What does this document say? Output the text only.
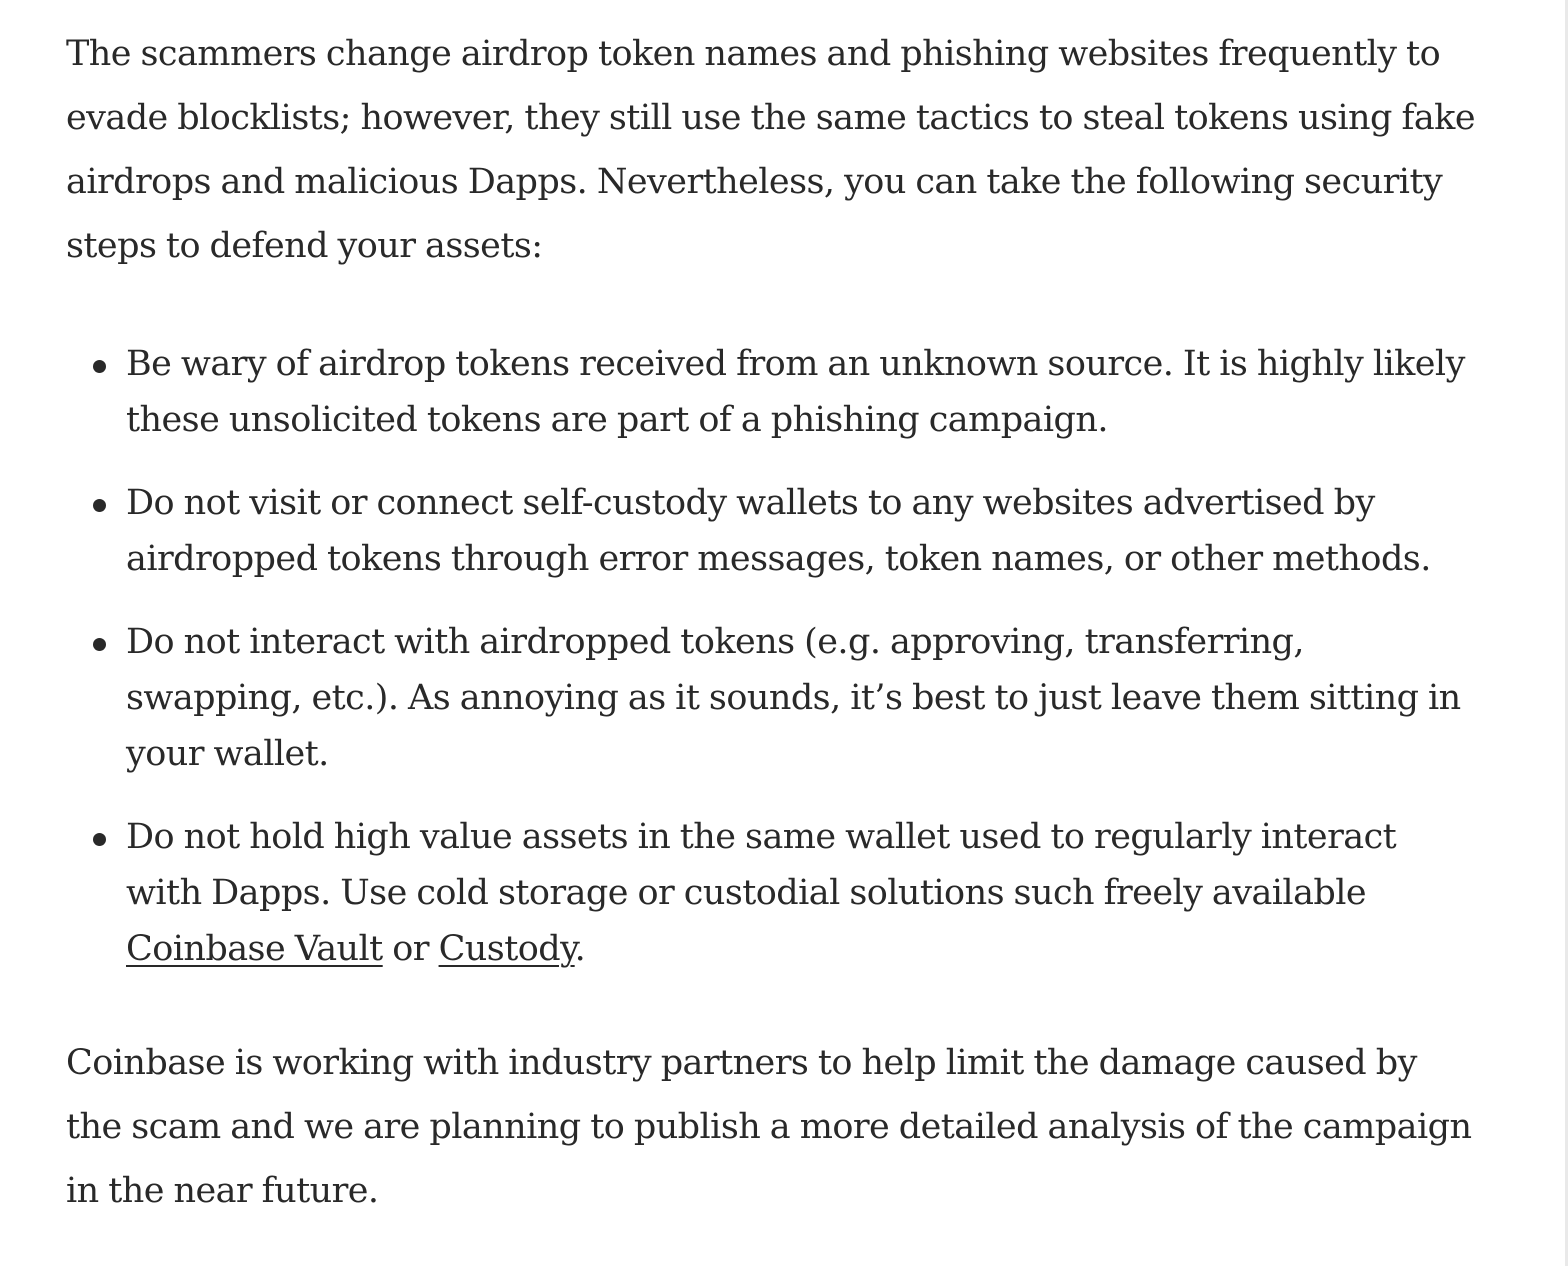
The scammers change airdrop token names and phishing websites frequently to evade blocklists; however, they still use the same tactics to steal tokens using fake airdrops and malicious Dapps. Nevertheless, you can take the following security steps to defend your assets:

Be wary of airdrop tokens received from an unknown source. It is highly likely these unsolicited tokens are part of a phishing campaign.
Do not visit or connect self-custody wallets to any websites advertised by airdropped tokens through error messages, token names, or other methods.
Do not interact with airdropped tokens (e.g. approving, transferring, swapping, etc.). As annoying as it sounds, it’s best to just leave them sitting in your wallet.
Do not hold high value assets in the same wallet used to regularly interact with Dapps. Use cold storage or custodial solutions such freely available Coinbase Vault or Custody.

Coinbase is working with industry partners to help limit the damage caused by the scam and we are planning to publish a more detailed analysis of the campaign in the near future.
